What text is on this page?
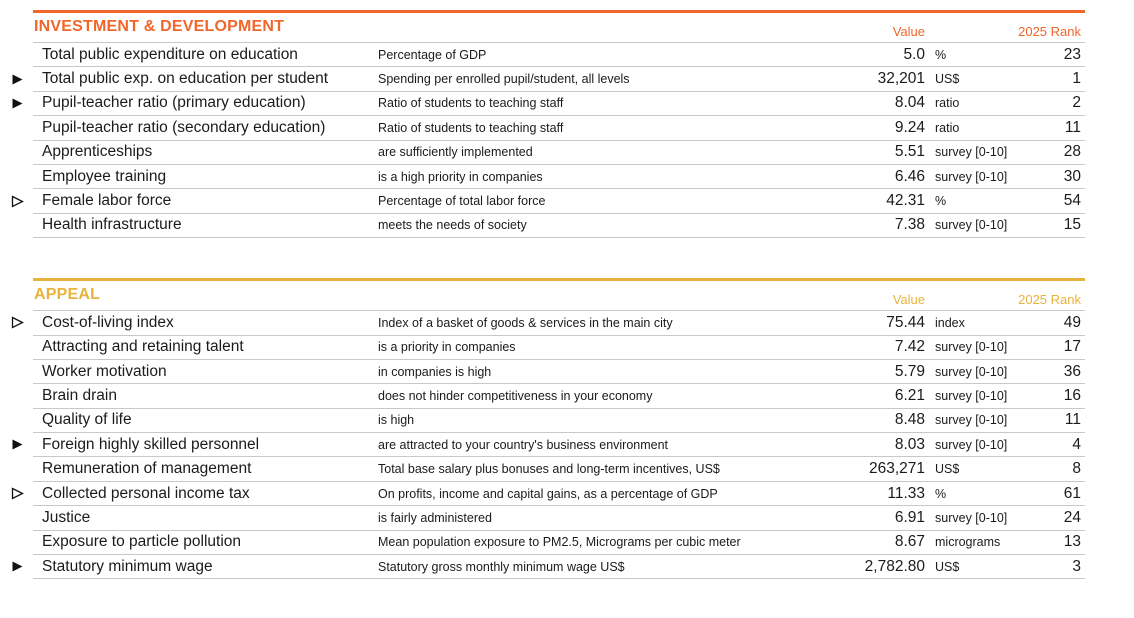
INVESTMENT & DEVELOPMENT	Value	2025 Rank
Total public expenditure on education	Percentage of GDP	5.0 %	23
Total public exp. on education per student	Spending per enrolled pupil/student, all levels	32,201 US$	1
Pupil-teacher ratio (primary education)	Ratio of students to teaching staff	8.04 ratio	2
Pupil-teacher ratio (secondary education)	Ratio of students to teaching staff	9.24 ratio	11
Apprenticeships	are sufficiently implemented	5.51 survey [0-10]	28
Employee training	is a high priority in companies	6.46 survey [0-10]	30
Female labor force	Percentage of total labor force	42.31 %	54
Health infrastructure	meets the needs of society	7.38 survey [0-10]	15
APPEAL	Value	2025 Rank
Cost-of-living index	Index of a basket of goods & services in the main city	75.44 index	49
Attracting and retaining talent	is a priority in companies	7.42 survey [0-10]	17
Worker motivation	in companies is high	5.79 survey [0-10]	36
Brain drain	does not hinder competitiveness in your economy	6.21 survey [0-10]	16
Quality of life	is high	8.48 survey [0-10]	11
Foreign highly skilled personnel	are attracted to your country's business environment	8.03 survey [0-10]	4
Remuneration of management	Total base salary plus bonuses and long-term incentives, US$	263,271 US$	8
Collected personal income tax	On profits, income and capital gains, as a percentage of GDP	11.33 %	61
Justice	is fairly administered	6.91 survey [0-10]	24
Exposure to particle pollution	Mean population exposure to PM2.5, Micrograms per cubic meter	8.67 micrograms	13
Statutory minimum wage	Statutory gross monthly minimum wage US$	2,782.80 US$	3
